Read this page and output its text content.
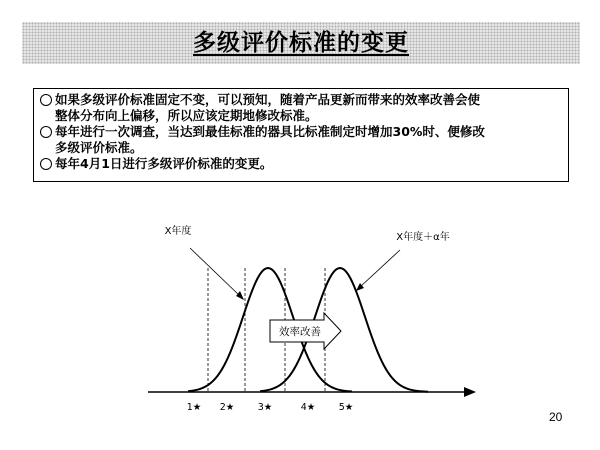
多级评价标准的变更
如果多级评价标准固定不变，可以预知，随着产品更新而带来的效率改善会使
整体分布向上偏移，所以应该定期地修改标准。
每年进行一次调查，当达到最佳标准的器具比标准制定时增加30%时、便修改
多级评价标准。
每年4月1日进行多级评价标准的变更。
效率改善
X年度
X年度＋α年
1★ 2★ 3★	4★ 5★
20
